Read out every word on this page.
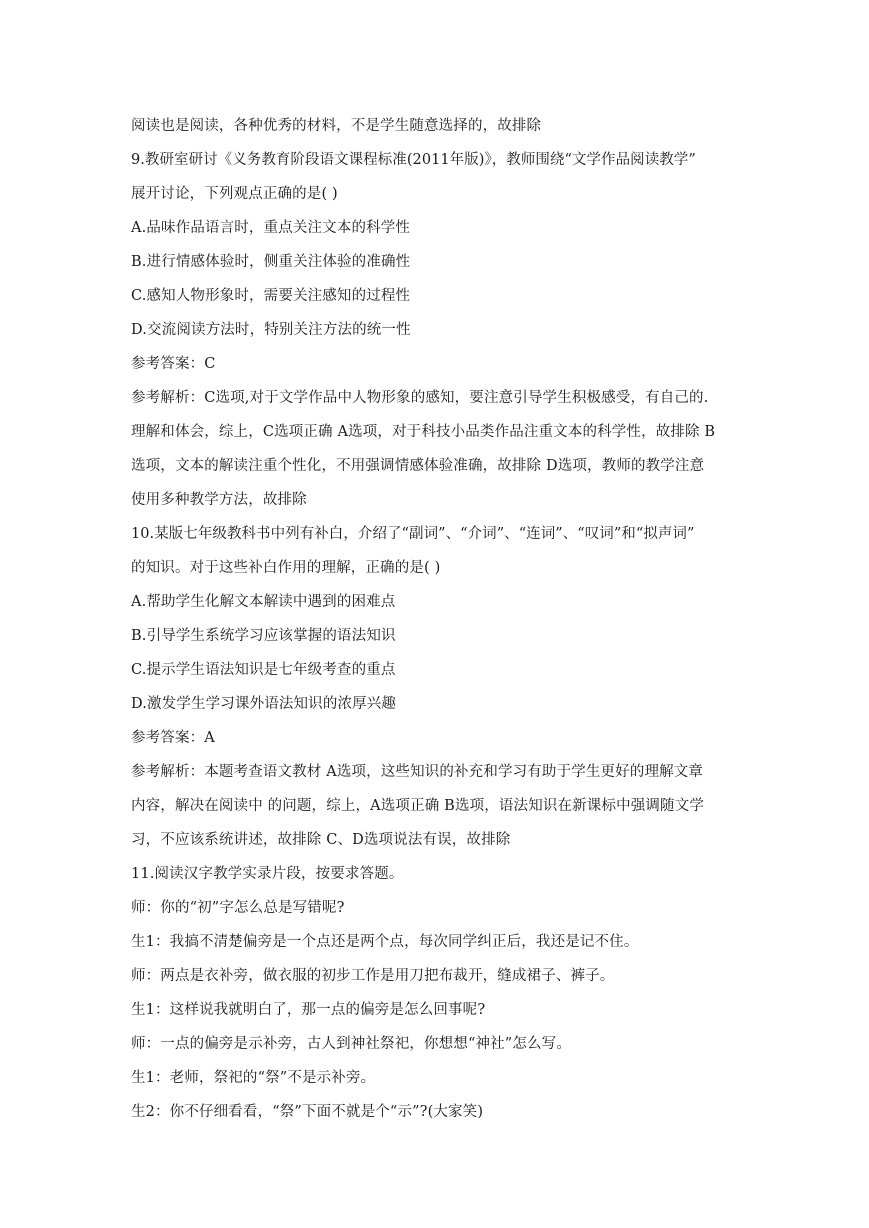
阅读也是阅读，各种优秀的材料，不是学生随意选择的，故排除
9.教研室研讨《义务教育阶段语文课程标准(2011年版)》，教师围绕“文学作品阅读教学”
展开讨论，下列观点正确的是( )
A.品味作品语言时，重点关注文本的科学性
B.进行情感体验时，侧重关注体验的准确性
C.感知人物形象时，需要关注感知的过程性
D.交流阅读方法时，特别关注方法的统一性
参考答案：C
参考解析：C选项,对于文学作品中人物形象的感知，要注意引导学生积极感受，有自己的.
理解和体会，综上，C选项正确 A选项，对于科技小品类作品注重文本的科学性，故排除 B
选项，文本的解读注重个性化，不用强调情感体验准确，故排除 D选项，教师的教学注意
使用多种教学方法，故排除
10.某版七年级教科书中列有补白，介绍了“副词”、“介词”、“连词”、“叹词”和“拟声词”
的知识。对于这些补白作用的理解，正确的是( )
A.帮助学生化解文本解读中遇到的困难点
B.引导学生系统学习应该掌握的语法知识
C.提示学生语法知识是七年级考查的重点
D.激发学生学习课外语法知识的浓厚兴趣
参考答案：A
参考解析：本题考查语文教材 A选项，这些知识的补充和学习有助于学生更好的理解文章
内容，解决在阅读中 的问题，综上，A选项正确 B选项，语法知识在新课标中强调随文学
习，不应该系统讲述，故排除 C、D选项说法有误，故排除
11.阅读汉字教学实录片段，按要求答题。
师：你的“初”字怎么总是写错呢?
生1：我搞不清楚偏旁是一个点还是两个点，每次同学纠正后，我还是记不住。
师：两点是衣补旁，做衣服的初步工作是用刀把布裁开，缝成裙子、裤子。
生1：这样说我就明白了，那一点的偏旁是怎么回事呢?
师：一点的偏旁是示补旁，古人到神社祭祀，你想想“神社”怎么写。
生1：老师，祭祀的“祭”不是示补旁。
生2：你不仔细看看，“祭”下面不就是个“示”?(大家笑)
